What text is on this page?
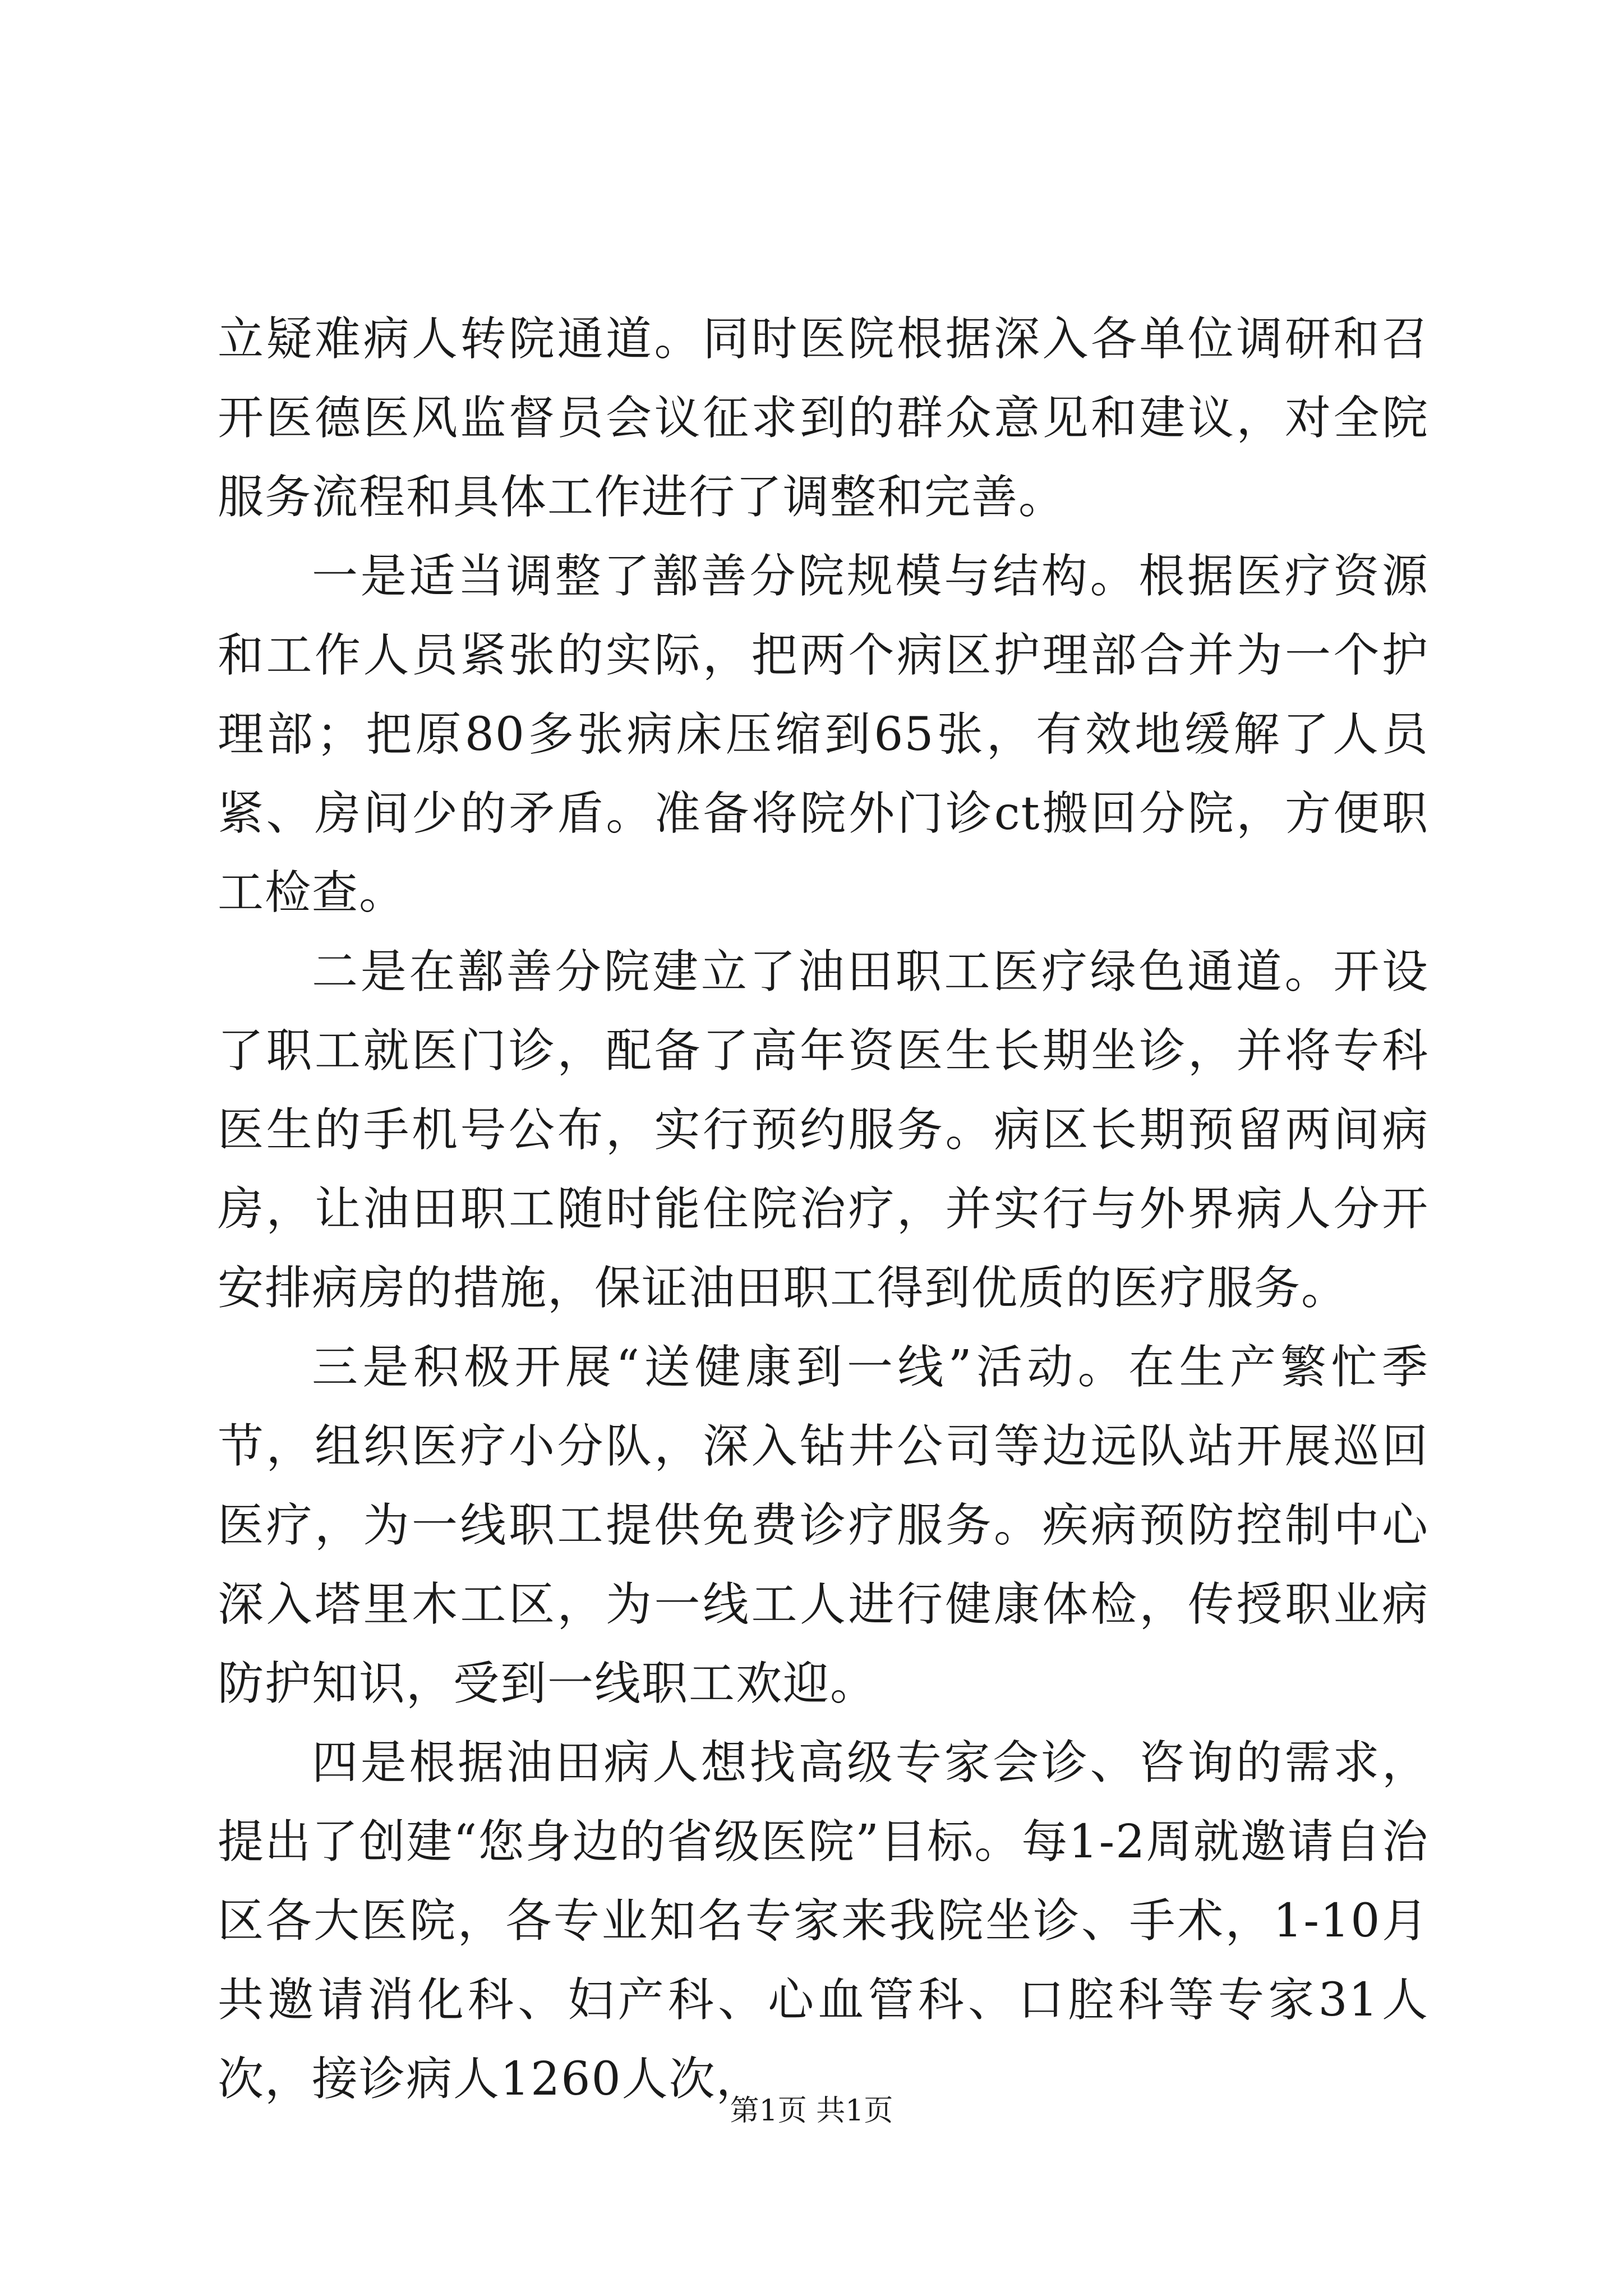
立疑难病人转院通道。同时医院根据深入各单位调研和召开医德医风监督员会议征求到的群众意见和建议，对全院服务流程和具体工作进行了调整和完善。

一是适当调整了鄯善分院规模与结构。根据医疗资源和工作人员紧张的实际，把两个病区护理部合并为一个护理部；把原80多张病床压缩到65张，有效地缓解了人员紧、房间少的矛盾。准备将院外门诊ct搬回分院，方便职工检查。

二是在鄯善分院建立了油田职工医疗绿色通道。开设了职工就医门诊，配备了高年资医生长期坐诊，并将专科医生的手机号公布，实行预约服务。病区长期预留两间病房，让油田职工随时能住院治疗，并实行与外界病人分开安排病房的措施，保证油田职工得到优质的医疗服务。

三是积极开展“送健康到一线”活动。在生产繁忙季节，组织医疗小分队，深入钻井公司等边远队站开展巡回医疗，为一线职工提供免费诊疗服务。疾病预防控制中心深入塔里木工区，为一线工人进行健康体检，传授职业病防护知识，受到一线职工欢迎。

四是根据油田病人想找高级专家会诊、咨询的需求，提出了创建“您身边的省级医院”目标。每1-2周就邀请自治区各大医院，各专业知名专家来我院坐诊、手术，1-10月共邀请消化科、妇产科、心血管科、口腔科等专家31人次，接诊病人1260人次，

第1页 共1页
